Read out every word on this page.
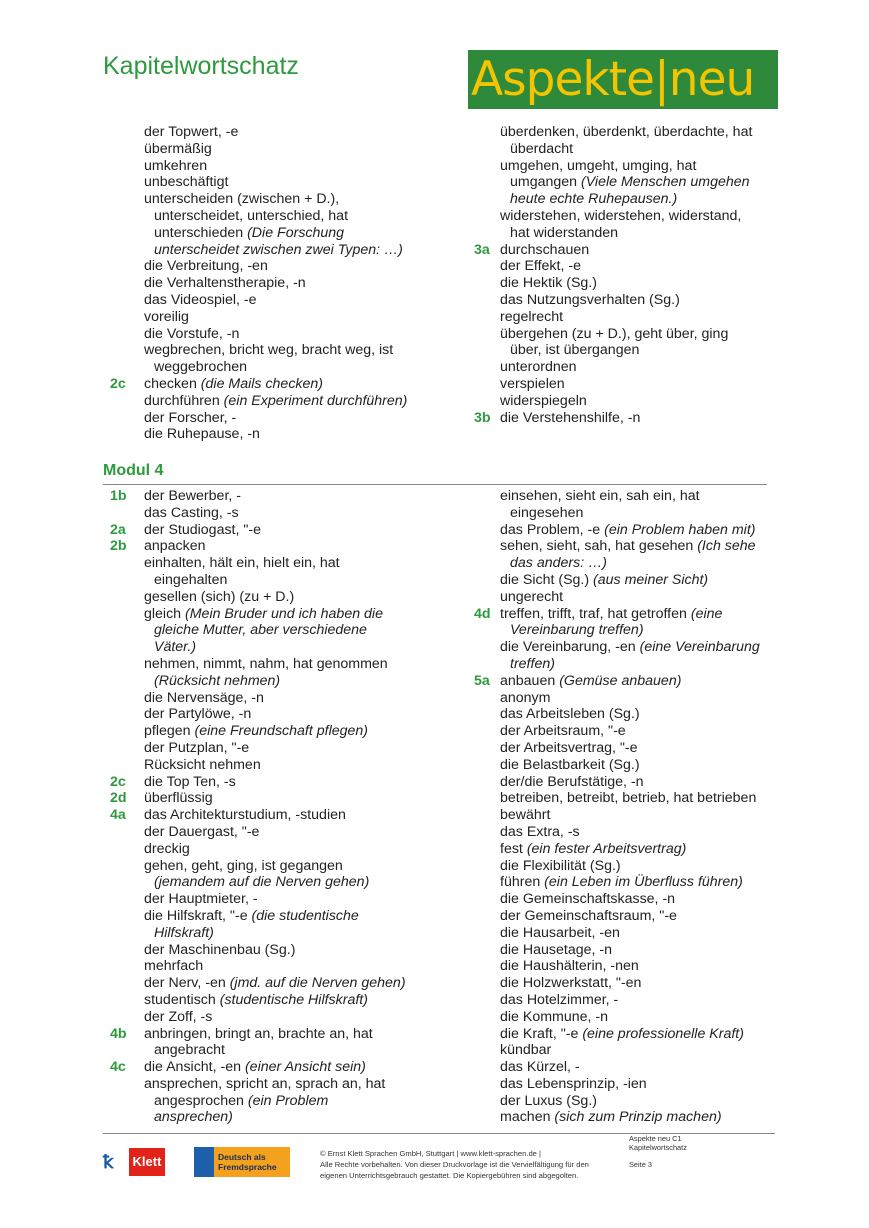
Kapitelwortschatz	Aspekte|neu
der Topwert, -e
übermäßig
umkehren
unbeschäftigt
unterscheiden (zwischen + D.),
unterscheidet, unterschied, hat
unterschieden (Die Forschung
unterscheidet zwischen zwei Typen: …)
die Verbreitung, -en
die Verhaltenstherapie, -n
das Videospiel, -e
voreilig
die Vorstufe, -n
wegbrechen, bricht weg, bracht weg, ist
weggebrochen
2c	checken (die Mails checken)
durchführen (ein Experiment durchführen)
der Forscher, -
die Ruhepause, -n
überdenken, überdenkt, überdachte, hat
überdacht
umgehen, umgeht, umging, hat
umgangen (Viele Menschen umgehen
heute echte Ruhepausen.)
widerstehen, widerstehen, widerstand,
hat widerstanden
3a durchschauen
der Effekt, -e
die Hektik (Sg.)
das Nutzungsverhalten (Sg.)
regelrecht
übergehen (zu + D.), geht über, ging
über, ist übergangen
unterordnen
verspielen
widerspiegeln
3b die Verstehenshilfe, -n
Modul 4
1b	der Bewerber, -
das Casting, -s
2a	der Studiogast, "-e
2b	anpacken
einhalten, hält ein, hielt ein, hat
eingehalten
gesellen (sich) (zu + D.)
gleich (Mein Bruder und ich haben die
gleiche Mutter, aber verschiedene
Väter.)
nehmen, nimmt, nahm, hat genommen
(Rücksicht nehmen)
die Nervensäge, -n
der Partylöwe, -n
pflegen (eine Freundschaft pflegen)
der Putzplan, "-e
Rücksicht nehmen
2c	die Top Ten, -s
2d	überflüssig
4a	das Architekturstudium, -studien
der Dauergast, "-e
dreckig
gehen, geht, ging, ist gegangen
(jemandem auf die Nerven gehen)
der Hauptmieter, -
die Hilfskraft, "-e (die studentische
Hilfskraft)
der Maschinenbau (Sg.)
mehrfach
der Nerv, -en (jmd. auf die Nerven gehen)
studentisch (studentische Hilfskraft)
der Zoff, -s
4b	anbringen, bringt an, brachte an, hat
angebracht
4c	die Ansicht, -en (einer Ansicht sein)
ansprechen, spricht an, sprach an, hat
angesprochen (ein Problem
ansprechen)
einsehen, sieht ein, sah ein, hat
eingesehen
das Problem, -e (ein Problem haben mit)
sehen, sieht, sah, hat gesehen (Ich sehe
das anders: …)
die Sicht (Sg.) (aus meiner Sicht)
ungerecht
4d treffen, trifft, traf, hat getroffen (eine
Vereinbarung treffen)
die Vereinbarung, -en (eine Vereinbarung
treffen)
5a anbauen (Gemüse anbauen)
anonym
das Arbeitsleben (Sg.)
der Arbeitsraum, "-e
der Arbeitsvertrag, "-e
die Belastbarkeit (Sg.)
der/die Berufstätige, -n
betreiben, betreibt, betrieb, hat betrieben
bewährt
das Extra, -s
fest (ein fester Arbeitsvertrag)
die Flexibilität (Sg.)
führen (ein Leben im Überfluss führen)
die Gemeinschaftskasse, -n
der Gemeinschaftsraum, "-e
die Hausarbeit, -en
die Hausetage, -n
die Haushälterin, -nen
die Holzwerkstatt, "-en
das Hotelzimmer, -
die Kommune, -n
die Kraft, "-e (eine professionelle Kraft)
kündbar
das Kürzel, -
das Lebensprinzip, -ien
der Luxus (Sg.)
machen (sich zum Prinzip machen)
ꝁ	Klett	Deutsch als
Fremdsprache
© Ernst Klett Sprachen GmbH, Stuttgart | www.klett-sprachen.de |
Alle Rechte vorbehalten. Von dieser Druckvorlage ist die Vervielfältigung für den
eigenen Unterrichtsgebrauch gestattet. Die Kopiergebühren sind abgegolten.
Aspekte neu C1
Kapitelwortschatz
Seite 3
